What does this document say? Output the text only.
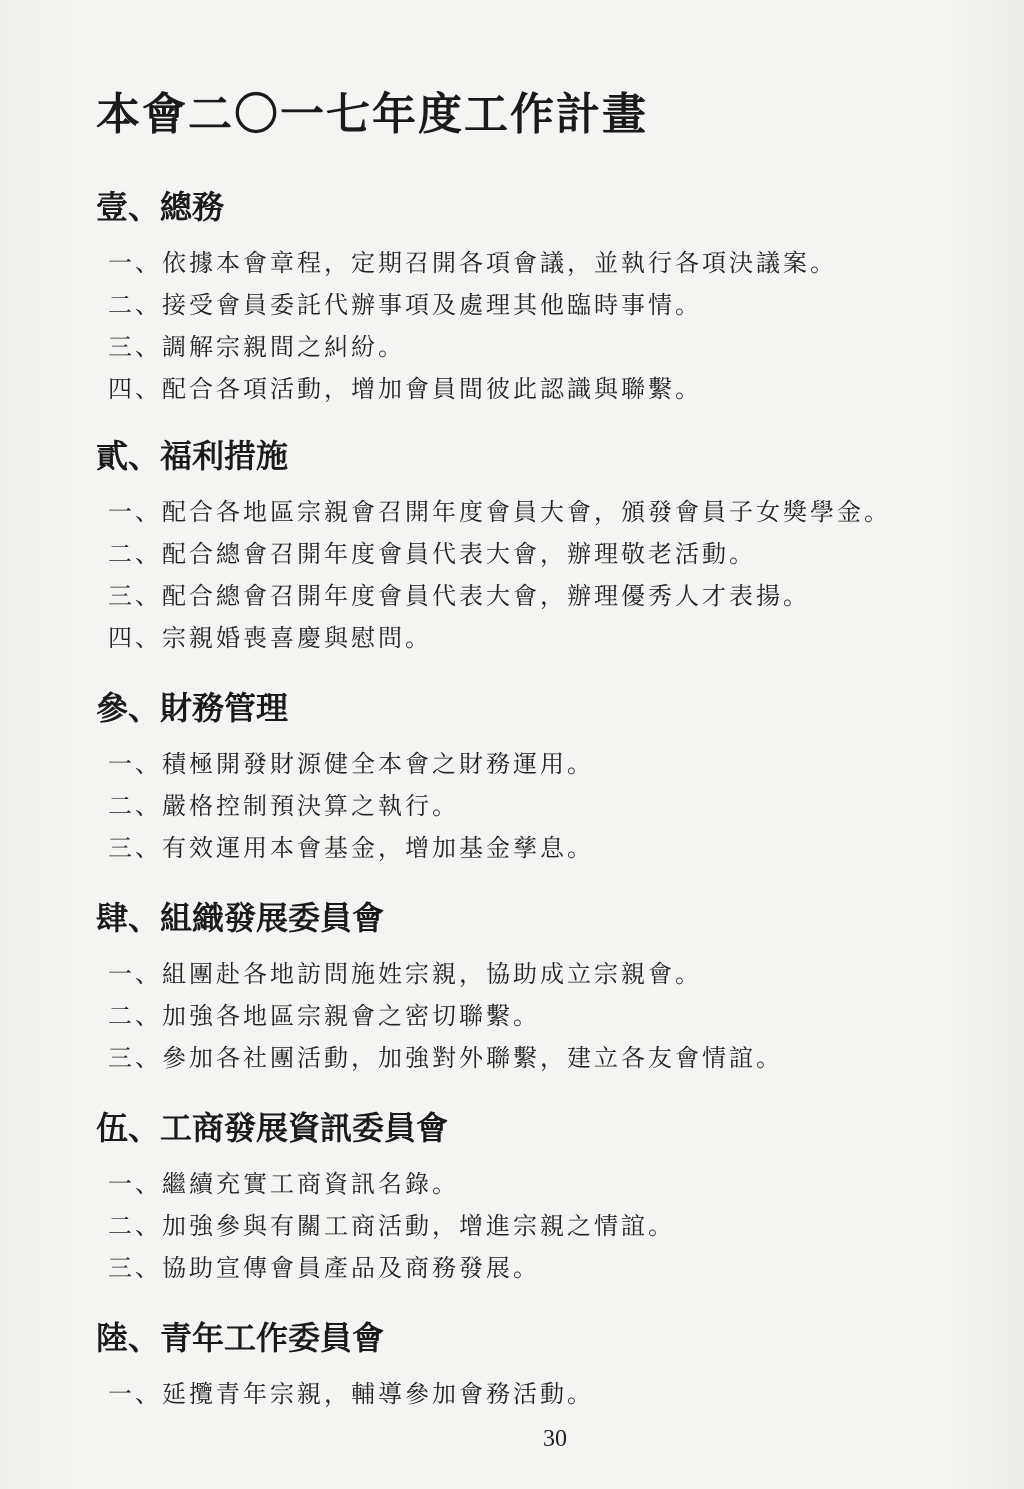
本會二〇一七年度工作計畫
壹、總務
一、依據本會章程，定期召開各項會議，並執行各項決議案。
二、接受會員委託代辦事項及處理其他臨時事情。
三、調解宗親間之糾紛。
四、配合各項活動，增加會員間彼此認識與聯繫。
貳、福利措施
一、配合各地區宗親會召開年度會員大會，頒發會員子女獎學金。
二、配合總會召開年度會員代表大會，辦理敬老活動。
三、配合總會召開年度會員代表大會，辦理優秀人才表揚。
四、宗親婚喪喜慶與慰問。
參、財務管理
一、積極開發財源健全本會之財務運用。
二、嚴格控制預決算之執行。
三、有效運用本會基金，增加基金孳息。
肆、組織發展委員會
一、組團赴各地訪問施姓宗親，協助成立宗親會。
二、加強各地區宗親會之密切聯繫。
三、參加各社團活動，加強對外聯繫，建立各友會情誼。
伍、工商發展資訊委員會
一、繼續充實工商資訊名錄。
二、加強參與有關工商活動，增進宗親之情誼。
三、協助宣傳會員產品及商務發展。
陸、青年工作委員會
一、延攬青年宗親，輔導參加會務活動。
30
